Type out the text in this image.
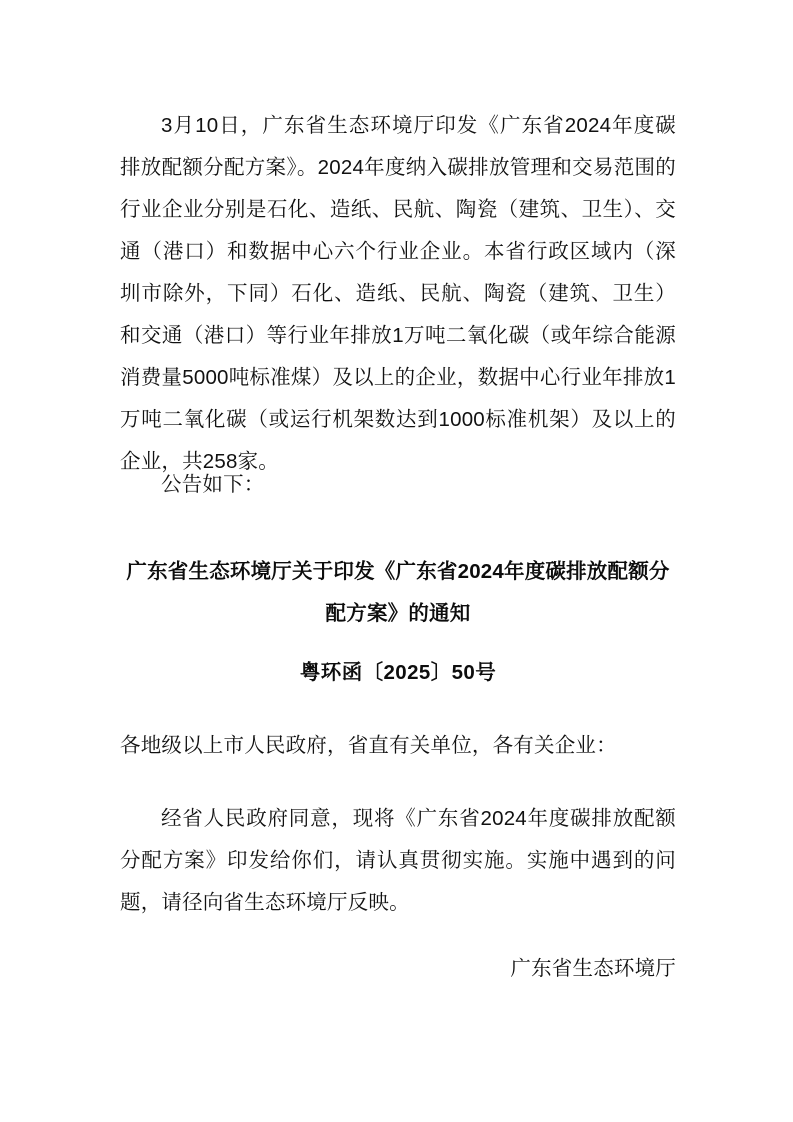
3月10日，广东省生态环境厅印发《广东省2024年度碳排放配额分配方案》。2024年度纳入碳排放管理和交易范围的行业企业分别是石化、造纸、民航、陶瓷（建筑、卫生）、交通（港口）和数据中心六个行业企业。本省行政区域内（深圳市除外，下同）石化、造纸、民航、陶瓷（建筑、卫生）和交通（港口）等行业年排放1万吨二氧化碳（或年综合能源消费量5000吨标准煤）及以上的企业，数据中心行业年排放1万吨二氧化碳（或运行机架数达到1000标准机架）及以上的企业，共258家。

公告如下：

广东省生态环境厅关于印发《广东省2024年度碳排放配额分配方案》的通知
粤环函〔2025〕50号

各地级以上市人民政府，省直有关单位，各有关企业：

经省人民政府同意，现将《广东省2024年度碳排放配额分配方案》印发给你们，请认真贯彻实施。实施中遇到的问题，请径向省生态环境厅反映。

广东省生态环境厅
